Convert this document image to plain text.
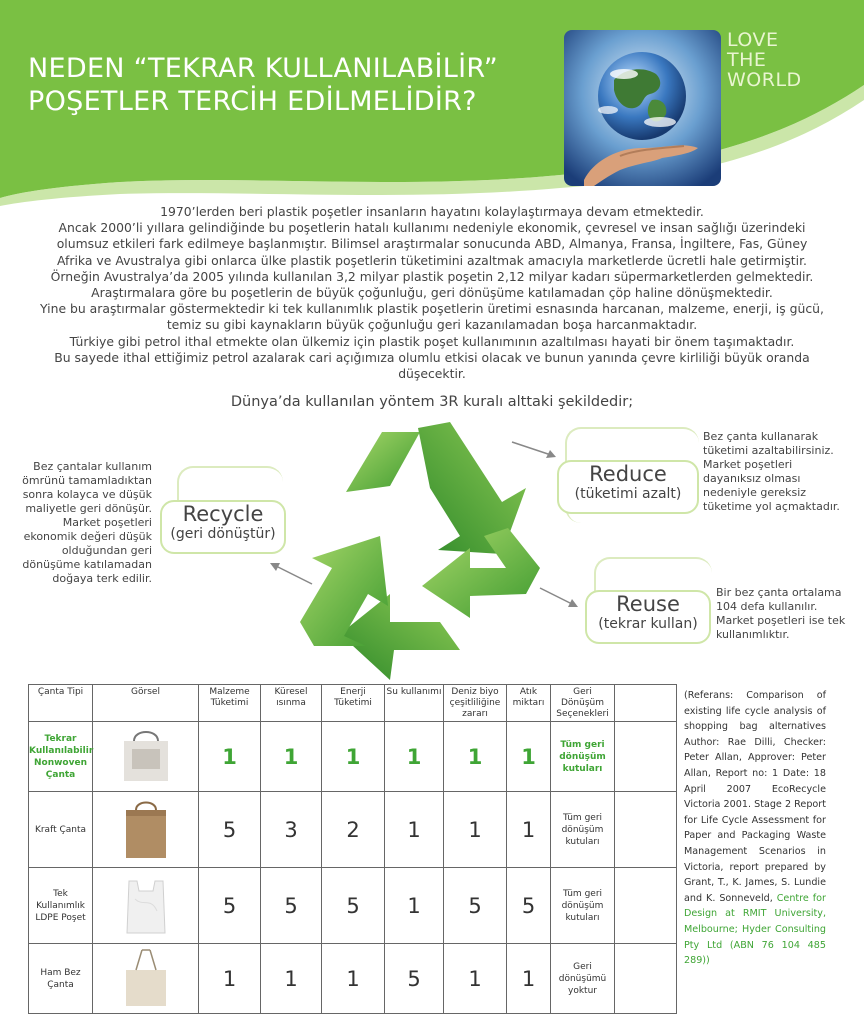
NEDEN “TEKRAR KULLANILABİLİR”
POŞETLER TERCİH EDİLMELİDİR?
LOVE
THE
WORLD

1970’lerden beri plastik poşetler insanların hayatını kolaylaştırmaya devam etmektedir.

Ancak 2000’li yıllara gelindiğinde bu poşetlerin hatalı kullanımı nedeniyle ekonomik, çevresel ve insan sağlığı üzerindeki olumsuz etkileri fark edilmeye başlanmıştır. Bilimsel araştırmalar sonucunda ABD, Almanya, Fransa, İngiltere, Fas, Güney Afrika ve Avustralya gibi onlarca ülke plastik poşetlerin tüketimini azaltmak amacıyla marketlerde ücretli hale getirmiştir.

Örneğin Avustralya’da 2005 yılında kullanılan 3,2 milyar plastik poşetin 2,12 milyar kadarı süpermarketlerden gelmektedir.

Araştırmalara göre bu poşetlerin de büyük çoğunluğu, geri dönüşüme katılamadan çöp haline dönüşmektedir.

Yine bu araştırmalar göstermektedir ki tek kullanımlık plastik poşetlerin üretimi esnasında harcanan, malzeme, enerji, iş gücü, temiz su gibi kaynakların büyük çoğunluğu geri kazanılamadan boşa harcanmaktadır.

Türkiye gibi petrol ithal etmekte olan ülkemiz için plastik poşet kullanımının azaltılması hayati bir önem taşımaktadır.

Bu sayede ithal ettiğimiz petrol azalarak cari açığımıza olumlu etkisi olacak ve bunun yanında çevre kirliliği büyük oranda düşecektir.

Dünya’da kullanılan yöntem 3R kuralı alttaki şekildedir;
Reduce
(tüketimi azalt)
Bez çanta kullanarak tüketimi azaltabilirsiniz. Market poşetleri dayanıksız olması nedeniyle gereksiz tüketime yol açmaktadır.
Reuse
(tekrar kullan)
Bir bez çanta ortalama 104 defa kullanılır. Market poşetleri ise tek kullanımlıktır.
Recycle
(geri dönüştür)
Bez çantalar kullanım ömrünü tamamladıktan sonra kolayca ve düşük maliyetle geri dönüşür. Market poşetleri ekonomik değeri düşük olduğundan geri dönüşüme katılamadan doğaya terk edilir.
Çanta Tipi	Görsel	Malzeme Tüketimi	Küresel ısınma	Enerji Tüketimi	Su kullanımı	Deniz biyo çeşitliliğine zararı	Atık miktarı	Geri Dönüşüm Seçenekleri	
Tekrar Kullanılabilir Nonwoven Çanta		1	1	1	1	1	1	Tüm geri dönüşüm kutuları	
Kraft Çanta		5	3	2	1	1	1	Tüm geri dönüşüm kutuları	
Tek Kullanımlık LDPE Poşet		5	5	5	1	5	5	Tüm geri dönüşüm kutuları	
Ham Bez Çanta		1	1	1	5	1	1	Geri dönüşümü yoktur	
(Referans: Comparison of existing life cycle analysis of shopping bag alternatives Author: Rae Dilli, Checker: Peter Allan, Approver: Peter Allan, Report no: 1 Date: 18 April 2007 EcoRecycle Victoria 2001. Stage 2 Report for Life Cycle Assessment for Paper and Packaging Waste Management Scenarios in Victoria, report prepared by Grant, T., K. James, S. Lundie and K. Sonneveld, Centre for Design at RMIT University, Melbourne; Hyder Consulting Pty Ltd (ABN 76 104 485 289))
